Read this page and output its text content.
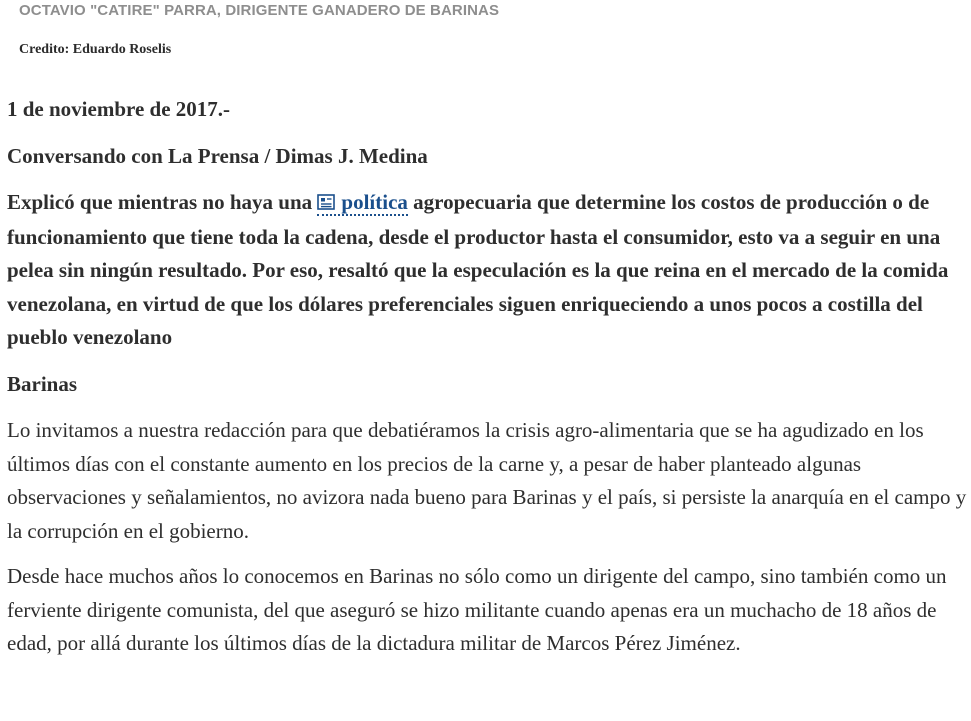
OCTAVIO "CATIRE" PARRA, DIRIGENTE GANADERO DE BARINAS
Credito: Eduardo Roselis

1 de noviembre de 2017.-

Conversando con La Prensa / Dimas J. Medina

Explicó que mientras no haya una política agropecuaria que determine los costos de producción o de funcionamiento que tiene toda la cadena, desde el productor hasta el consumidor, esto va a seguir en una pelea sin ningún resultado. Por eso, resaltó que la especulación es la que reina en el mercado de la comida venezolana, en virtud de que los dólares preferenciales siguen enriqueciendo a unos pocos a costilla del pueblo venezolano

Barinas

Lo invitamos a nuestra redacción para que debatiéramos la crisis agro-alimentaria que se ha agudizado en los últimos días con el constante aumento en los precios de la carne y, a pesar de haber planteado algunas observaciones y señalamientos, no avizora nada bueno para Barinas y el país, si persiste la anarquía en el campo y la corrupción en el gobierno.

Desde hace muchos años lo conocemos en Barinas no sólo como un dirigente del campo, sino también como un ferviente dirigente comunista, del que aseguró se hizo militante cuando apenas era un muchacho de 18 años de edad, por allá durante los últimos días de la dictadura militar de Marcos Pérez Jiménez.
